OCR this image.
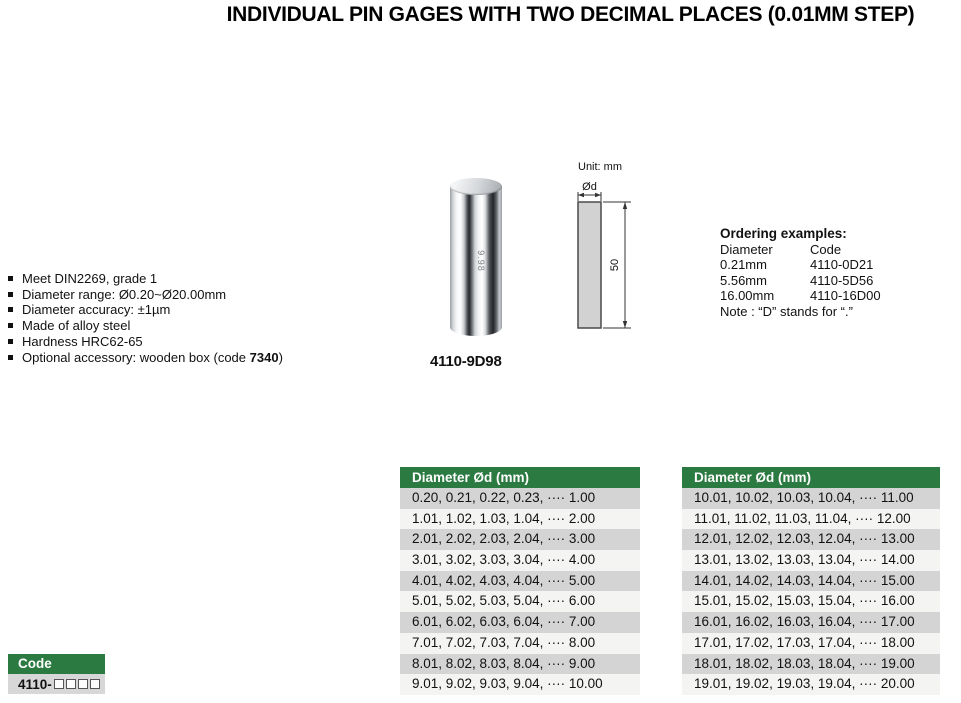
INDIVIDUAL PIN GAGES WITH TWO DECIMAL PLACES (0.01MM STEP)
Meet DIN2269, grade 1
Diameter range: Ø0.20~Ø20.00mm
Diameter accuracy: ±1µm
Made of alloy steel
Hardness HRC62-65
Optional accessory: wooden box (code 7340)
9.98
4110-9D98
Unit: mm
Ød
50
Ordering examples:
Diameter	Code
0.21mm	4110-0D21
5.56mm	4110-5D56
16.00mm	4110-16D00
Note : “D” stands for “.”
Diameter Ød (mm)
0.20, 0.21, 0.22, 0.23, ···· 1.00
1.01, 1.02, 1.03, 1.04, ···· 2.00
2.01, 2.02, 2.03, 2.04, ···· 3.00
3.01, 3.02, 3.03, 3.04, ···· 4.00
4.01, 4.02, 4.03, 4.04, ···· 5.00
5.01, 5.02, 5.03, 5.04, ···· 6.00
6.01, 6.02, 6.03, 6.04, ···· 7.00
7.01, 7.02, 7.03, 7.04, ···· 8.00
8.01, 8.02, 8.03, 8.04, ···· 9.00
9.01, 9.02, 9.03, 9.04, ···· 10.00
Diameter Ød (mm)
10.01, 10.02, 10.03, 10.04, ···· 11.00
11.01, 11.02, 11.03, 11.04, ···· 12.00
12.01, 12.02, 12.03, 12.04, ···· 13.00
13.01, 13.02, 13.03, 13.04, ···· 14.00
14.01, 14.02, 14.03, 14.04, ···· 15.00
15.01, 15.02, 15.03, 15.04, ···· 16.00
16.01, 16.02, 16.03, 16.04, ···· 17.00
17.01, 17.02, 17.03, 17.04, ···· 18.00
18.01, 18.02, 18.03, 18.04, ···· 19.00
19.01, 19.02, 19.03, 19.04, ···· 20.00
Code
4110-
